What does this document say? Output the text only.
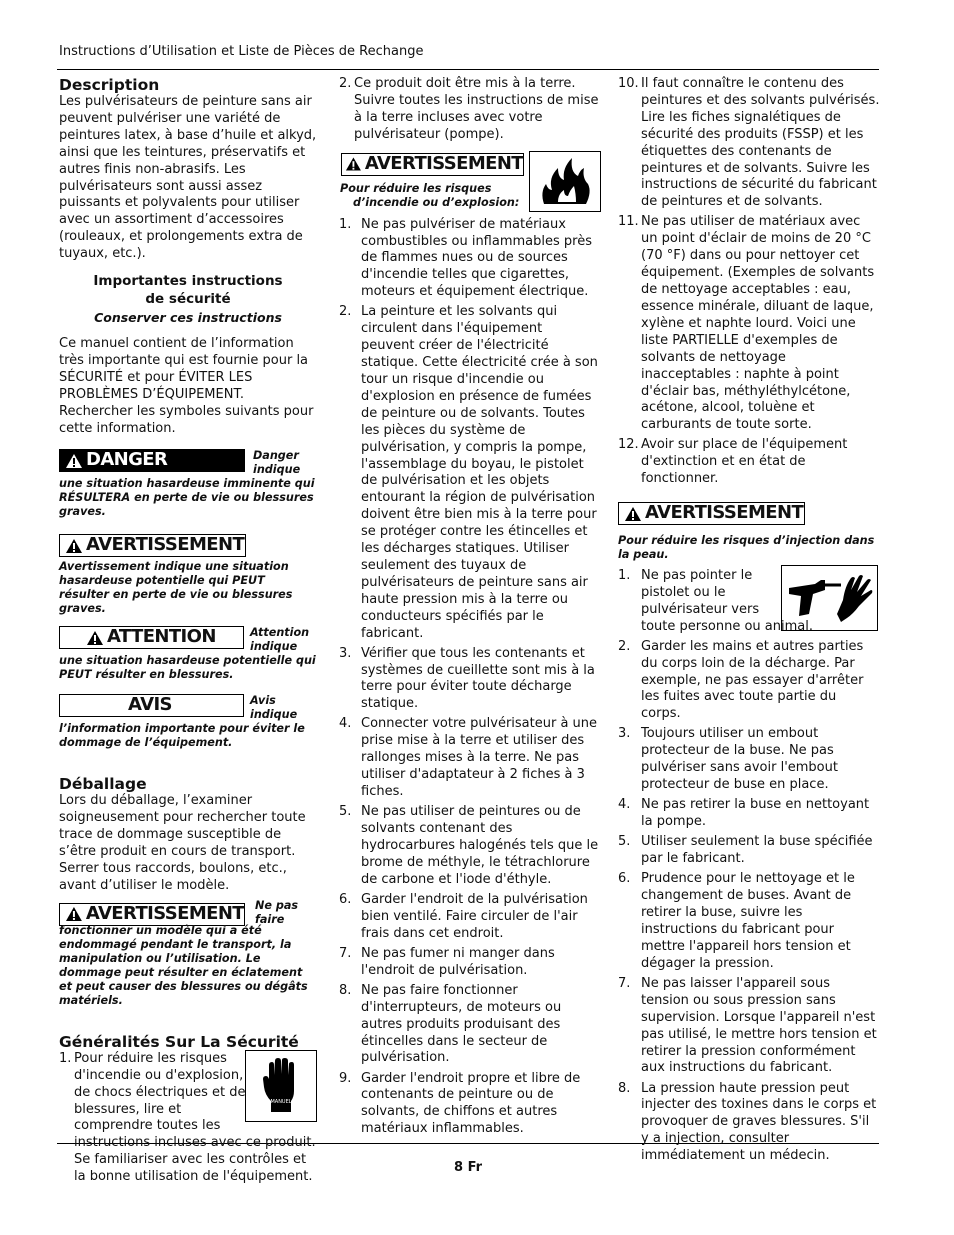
Instructions d’Utilisation et Liste de Pièces de Rechange
8 Fr
Description

Les pulvérisateurs de peinture sans air peuvent pulvériser une variété de peintures latex, à base d’huile et alkyd, ainsi que les teintures, préservatifs et autres finis non-abrasifs. Les pulvérisateurs sont aussi assez puissants et polyvalents pour utiliser avec un assortiment d’accessoires (rouleaux, et prolongements extra de tuyaux, etc.).

Importantes instructions
de sécurité

Conserver ces instructions

Ce manuel contient de l’information très importante qui est fournie pour la SÉCURITÉ et pour ÉVITER LES PROBLÈMES D’ÉQUIPEMENT. Rechercher les symboles suivants pour cette information.

DANGER	Danger
indique

une situation hasardeuse imminente qui RÉSULTERA en perte de vie ou blessures graves.

AVERTISSEMENT

Avertissement indique une situation hasardeuse potentielle qui PEUT résulter en perte de vie ou blessures graves.

ATTENTION	Attention
indique

une situation hasardeuse potentielle qui PEUT résulter en blessures.

AVIS	Avis
indique

l’information importante pour éviter le dommage de l’équipement.

Déballage

Lors du déballage, l’examiner soigneusement pour rechercher toute trace de dommage susceptible de s’être produit en cours de transport. Serrer tous raccords, boulons, etc., avant d’utiliser le modèle.

AVERTISSEMENT Ne pas
faire

fonctionner un modèle qui a été endommagé pendant le transport, la manipulation ou l’utilisation. Le dommage peut résulter en éclatement et peut causer des blessures ou dégâts matériels.

Généralités Sur La Sécurité
MANUEL
1. Pour réduire les risques
d'incendie ou d'explosion,
de chocs électriques et de
blessures, lire et
comprendre toutes les
instructions incluses avec ce produit. Se familiariser avec les contrôles et la bonne utilisation de l'équipement.
2. Ce produit doit être mis à la terre. Suivre toutes les instructions de mise à la terre incluses avec votre pulvérisateur (pompe).
AVERTISSEMENT
Pour réduire les risques
d’incendie ou d’explosion:
1. Ne pas pulvériser de matériaux combustibles ou inflammables près de flammes nues ou de sources d'incendie telles que cigarettes, moteurs et équipement électrique.
2. La peinture et les solvants qui circulent dans l'équipement peuvent créer de l'électricité statique. Cette électricité crée à son tour un risque d'incendie ou d'explosion en présence de fumées de peinture ou de solvants. Toutes les pièces du système de pulvérisation, y compris la pompe, l'assemblage du boyau, le pistolet de pulvérisation et les objets entourant la région de pulvérisation doivent être bien mis à la terre pour se protéger contre les étincelles et les décharges statiques. Utiliser seulement des tuyaux de pulvérisateurs de peinture sans air haute pression mis à la terre ou conducteurs spécifiés par le fabricant.
3. Vérifier que tous les contenants et systèmes de cueillette sont mis à la terre pour éviter toute décharge statique.
4. Connecter votre pulvérisateur à une prise mise à la terre et utiliser des rallonges mises à la terre. Ne pas utiliser d'adaptateur à 2 fiches à 3 fiches.
5. Ne pas utiliser de peintures ou de solvants contenant des hydrocarbures halogénés tels que le brome de méthyle, le tétrachlorure de carbone et l'iode d'éthyle.
6. Garder l'endroit de la pulvérisation bien ventilé. Faire circuler de l'air frais dans cet endroit.
7. Ne pas fumer ni manger dans l'endroit de pulvérisation.
8. Ne pas faire fonctionner d'interrupteurs, de moteurs ou autres produits produisant des étincelles dans le secteur de pulvérisation.
9. Garder l'endroit propre et libre de contenants de peinture ou de solvants, de chiffons et autres matériaux inflammables.
10. Il faut connaître le contenu des peintures et des solvants pulvérisés. Lire les fiches signalétiques de sécurité des produits (FSSP) et les étiquettes des contenants de peintures et de solvants. Suivre les instructions de sécurité du fabricant de peintures et de solvants.
11. Ne pas utiliser de matériaux avec un point d'éclair de moins de 20 °C (70 °F) dans ou pour nettoyer cet équipement. (Exemples de solvants de nettoyage acceptables : eau, essence minérale, diluant de laque, xylène et naphte lourd. Voici une liste PARTIELLE d'exemples de solvants de nettoyage inacceptables : naphte à point d'éclair bas, méthyléthylcétone, acétone, alcool, toluène et carburants de toute sorte.
12. Avoir sur place de l'équipement d'extinction et en état de fonctionner.
AVERTISSEMENT

Pour réduire les risques d’injection dans la peau.

1. Ne pas pointer le
pistolet ou le
pulvérisateur vers
toute personne ou animal.
2. Garder les mains et autres parties du corps loin de la décharge. Par exemple, ne pas essayer d'arrêter les fuites avec toute partie du corps.
3. Toujours utiliser un embout protecteur de la buse. Ne pas pulvériser sans avoir l'embout protecteur de buse en place.
4. Ne pas retirer la buse en nettoyant la pompe.
5. Utiliser seulement la buse spécifiée par le fabricant.
6. Prudence pour le nettoyage et le changement de buses. Avant de retirer la buse, suivre les instructions du fabricant pour mettre l'appareil hors tension et dégager la pression.
7. Ne pas laisser l'appareil sous tension ou sous pression sans supervision. Lorsque l'appareil n'est pas utilisé, le mettre hors tension et retirer la pression conformément aux instructions du fabricant.
8. La pression haute pression peut injecter des toxines dans le corps et provoquer de graves blessures. S'il y a injection, consulter immédiatement un médecin.
